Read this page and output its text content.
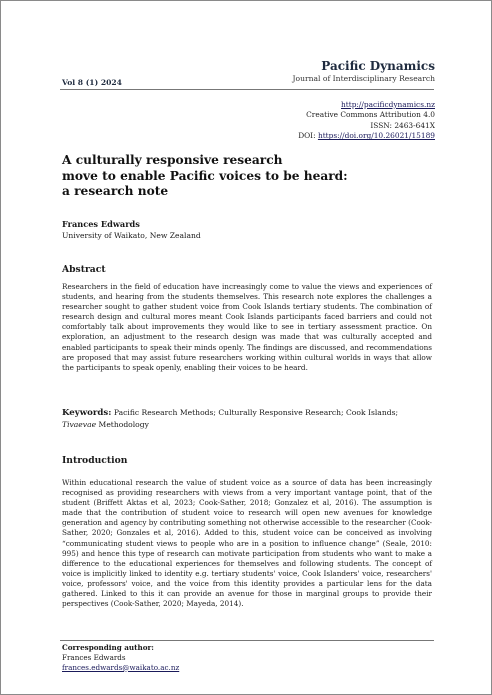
Pacific Dynamics
Journal of Interdisciplinary Research
Vol 8 (1) 2024
http://pacificdynamics.nz
Creative Commons Attribution 4.0
ISSN: 2463-641X
DOI: https://doi.org/10.26021/15189
A culturally responsive research
move to enable Pacific voices to be heard:
a research note
Frances Edwards
University of Waikato, New Zealand
Abstract
Researchers in the field of education have increasingly come to value the views and experiences of students, and hearing from the students themselves. This research note explores the challenges a researcher sought to gather student voice from Cook Islands tertiary students. The combination of research design and cultural mores meant Cook Islands participants faced barriers and could not comfortably talk about improvements they would like to see in tertiary assessment practice. On exploration, an adjustment to the research design was made that was culturally accepted and enabled participants to speak their minds openly. The findings are discussed, and recommendations are proposed that may assist future researchers working within cultural worlds in ways that allow the participants to speak openly, enabling their voices to be heard.
Keywords: Pacific Research Methods; Culturally Responsive Research; Cook Islands; Tivaevae Methodology
Introduction
Within educational research the value of student voice as a source of data has been increasingly recognised as providing researchers with views from a very important vantage point, that of the student (Briffett Aktas et al, 2023; Cook-Sather, 2018; Gonzalez et al, 2016). The assumption is made that the contribution of student voice to research will open new avenues for knowledge generation and agency by contributing something not otherwise accessible to the researcher (Cook-Sather, 2020; Gonzales et al, 2016). Added to this, student voice can be conceived as involving “communicating student views to people who are in a position to influence change” (Seale, 2010: 995) and hence this type of research can motivate participation from students who want to make a difference to the educational experiences for themselves and following students. The concept of voice is implicitly linked to identity e.g. tertiary students' voice, Cook Islanders' voice, researchers' voice, professors' voice, and the voice from this identity provides a particular lens for the data gathered. Linked to this it can provide an avenue for those in marginal groups to provide their perspectives (Cook-Sather, 2020; Mayeda, 2014).
Corresponding author:
Frances Edwards
frances.edwards@waikato.ac.nz
